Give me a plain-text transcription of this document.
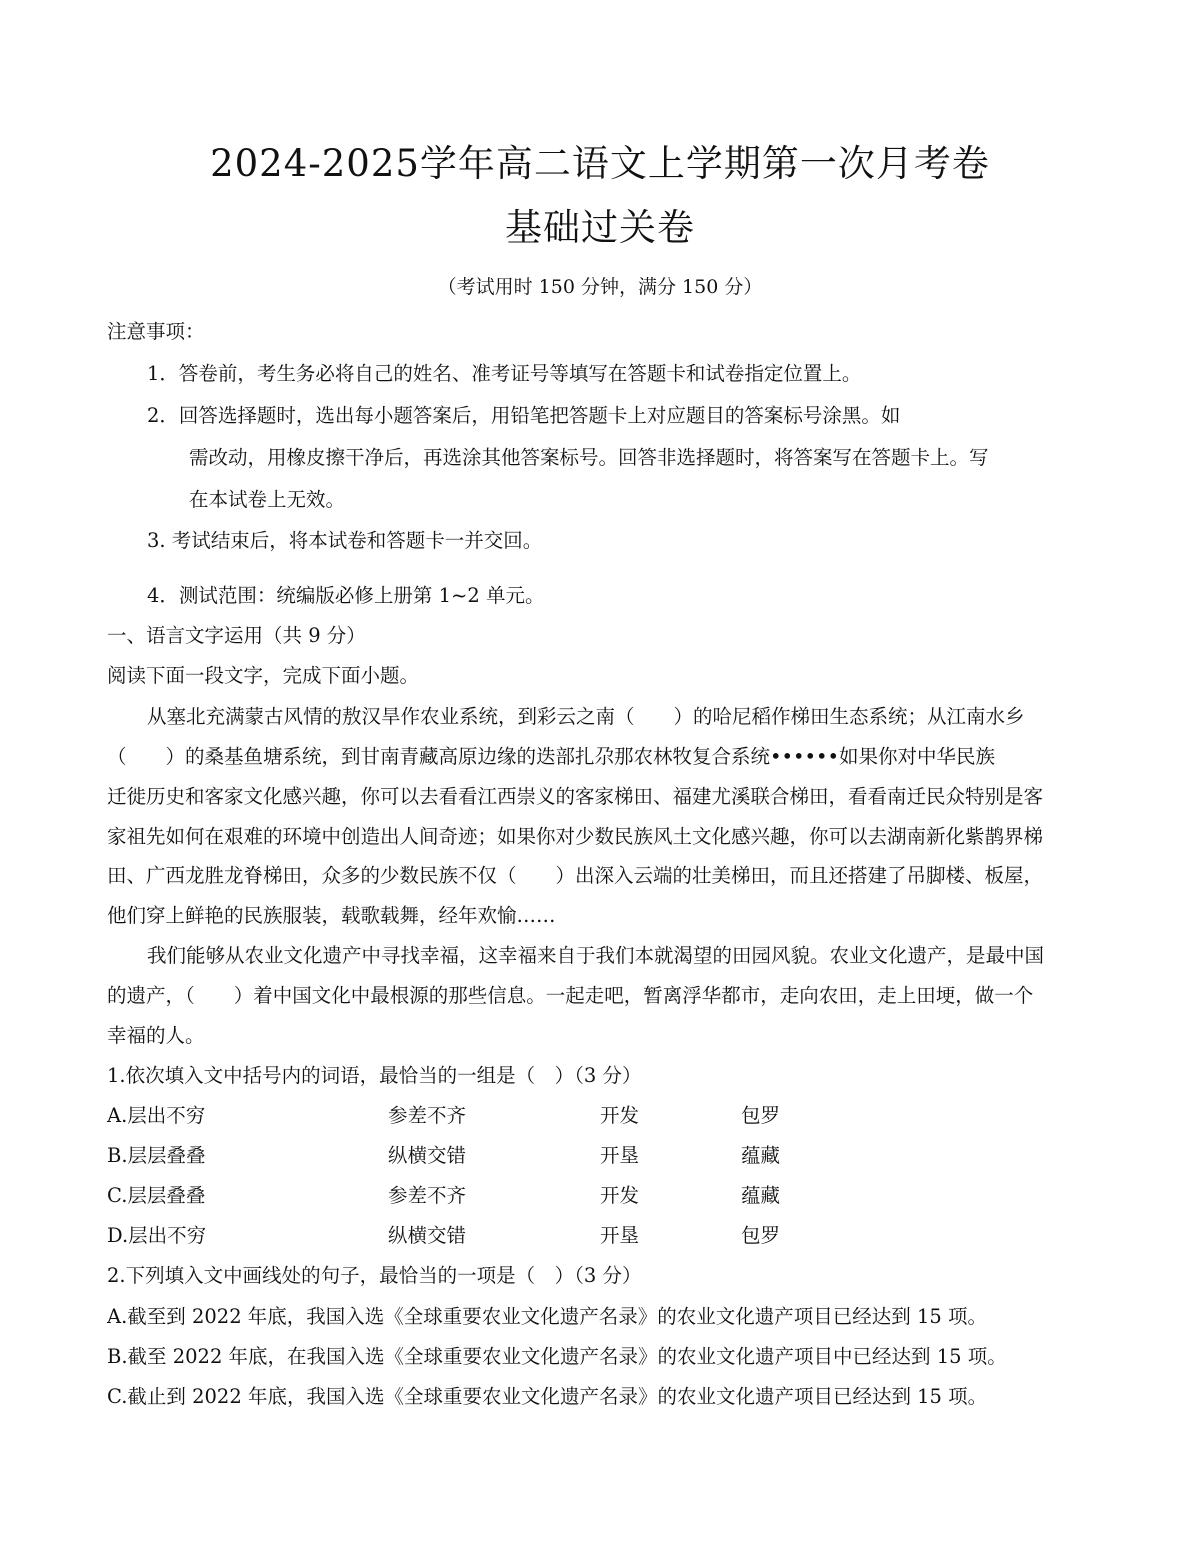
2024-2025学年高二语文上学期第一次月考卷
基础过关卷
（考试用时 150 分钟，满分 150 分）
注意事项：
1．答卷前，考生务必将自己的姓名、准考证号等填写在答题卡和试卷指定位置上。
2．回答选择题时，选出每小题答案后，用铅笔把答题卡上对应题目的答案标号涂黑。如
需改动，用橡皮擦干净后，再选涂其他答案标号。回答非选择题时，将答案写在答题卡上。写
在本试卷上无效。
3. 考试结束后，将本试卷和答题卡一并交回。
4．测试范围：统编版必修上册第 1~2 单元。
一、语言文字运用（共 9 分）
阅读下面一段文字，完成下面小题。
从塞北充满蒙古风情的敖汉旱作农业系统，到彩云之南（　　）的哈尼稻作梯田生态系统；从江南水乡
（　　）的桑基鱼塘系统，到甘南青藏高原边缘的迭部扎尕那农林牧复合系统••••••如果你对中华民族
迁徙历史和客家文化感兴趣，你可以去看看江西崇义的客家梯田、福建尤溪联合梯田，看看南迁民众特别是客
家祖先如何在艰难的环境中创造出人间奇迹；如果你对少数民族风土文化感兴趣，你可以去湖南新化紫鹊界梯
田、广西龙胜龙脊梯田，众多的少数民族不仅（　　）出深入云端的壮美梯田，而且还搭建了吊脚楼、板屋，
他们穿上鲜艳的民族服装，载歌载舞，经年欢愉……
我们能够从农业文化遗产中寻找幸福，这幸福来自于我们本就渴望的田园风貌。农业文化遗产，是最中国
的遗产，（　　）着中国文化中最根源的那些信息。一起走吧，暂离浮华都市，走向农田，走上田埂，做一个
幸福的人。
1.依次填入文中括号内的词语，最恰当的一组是（　）（3 分）
A.层出不穷	参差不齐	开发	包罗
B.层层叠叠	纵横交错	开垦	蕴藏
C.层层叠叠	参差不齐	开发	蕴藏
D.层出不穷	纵横交错	开垦	包罗
2.下列填入文中画线处的句子，最恰当的一项是（　）（3 分）
A.截至到 2022 年底，我国入选《全球重要农业文化遗产名录》的农业文化遗产项目已经达到 15 项。
B.截至 2022 年底，在我国入选《全球重要农业文化遗产名录》的农业文化遗产项目中已经达到 15 项。
C.截止到 2022 年底，我国入选《全球重要农业文化遗产名录》的农业文化遗产项目已经达到 15 项。
